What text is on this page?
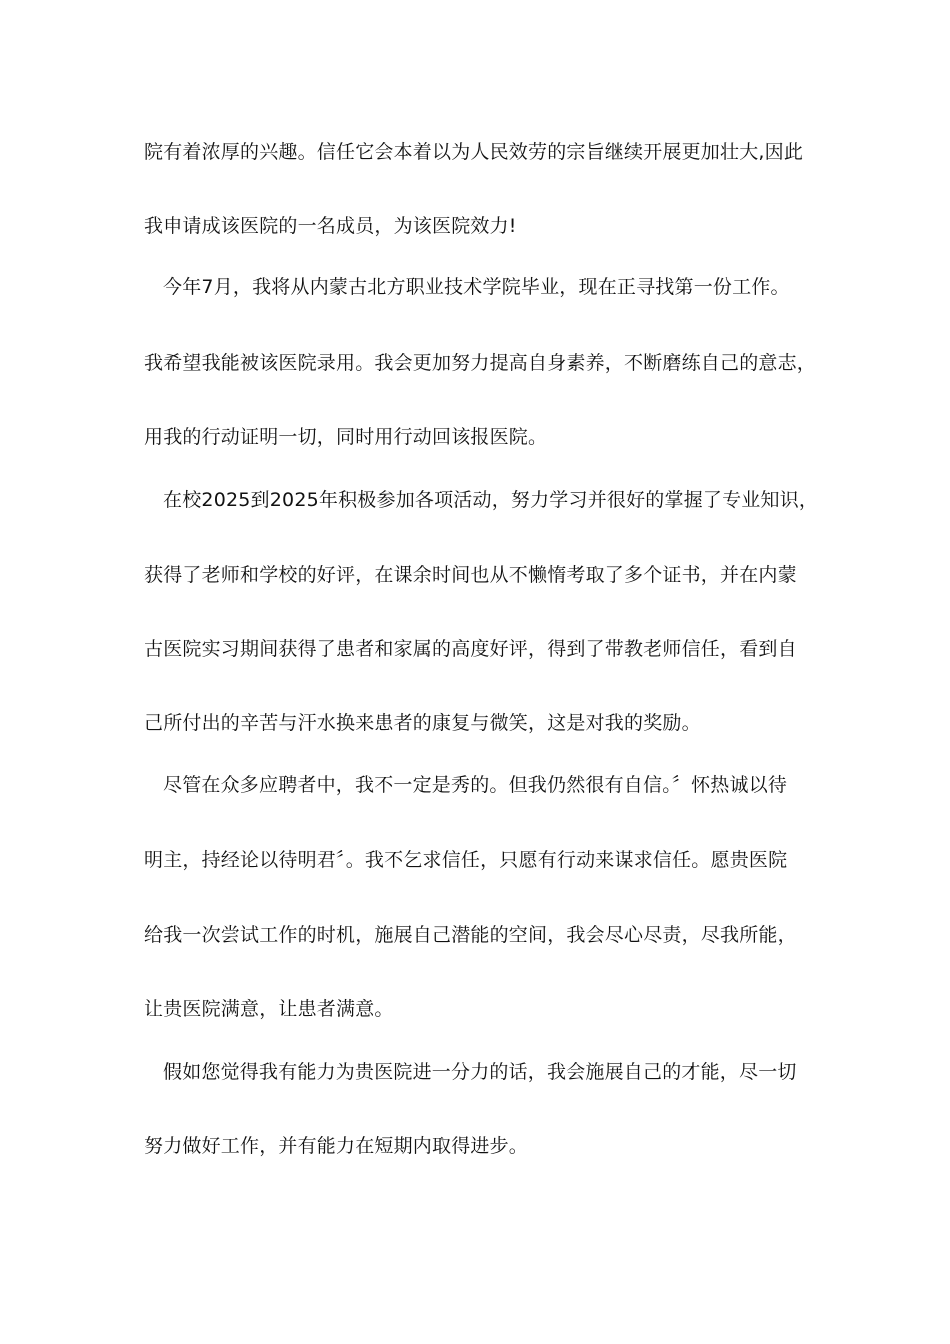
院有着浓厚的兴趣。信任它会本着以为人民效劳的宗旨继续开展更加壮大,因此
我申请成该医院的一名成员，为该医院效力!
今年7月，我将从内蒙古北方职业技术学院毕业，现在正寻找第一份工作。
我希望我能被该医院录用。我会更加努力提高自身素养，不断磨练自己的意志，
用我的行动证明一切，同时用行动回该报医院。
在校2025到2025年积极参加各项活动，努力学习并很好的掌握了专业知识，
获得了老师和学校的好评，在课余时间也从不懒惰考取了多个证书，并在内蒙
古医院实习期间获得了患者和家属的高度好评，得到了带教老师信任，看到自
己所付出的辛苦与汗水换来患者的康复与微笑，这是对我的奖励。
尽管在众多应聘者中，我不一定是秀的。但我仍然很有自信。〞怀热诚以待
明主，持经论以待明君〞。我不乞求信任，只愿有行动来谋求信任。愿贵医院
给我一次尝试工作的时机，施展自己潜能的空间，我会尽心尽责，尽我所能，
让贵医院满意，让患者满意。
假如您觉得我有能力为贵医院进一分力的话，我会施展自己的才能，尽一切
努力做好工作，并有能力在短期内取得进步。
